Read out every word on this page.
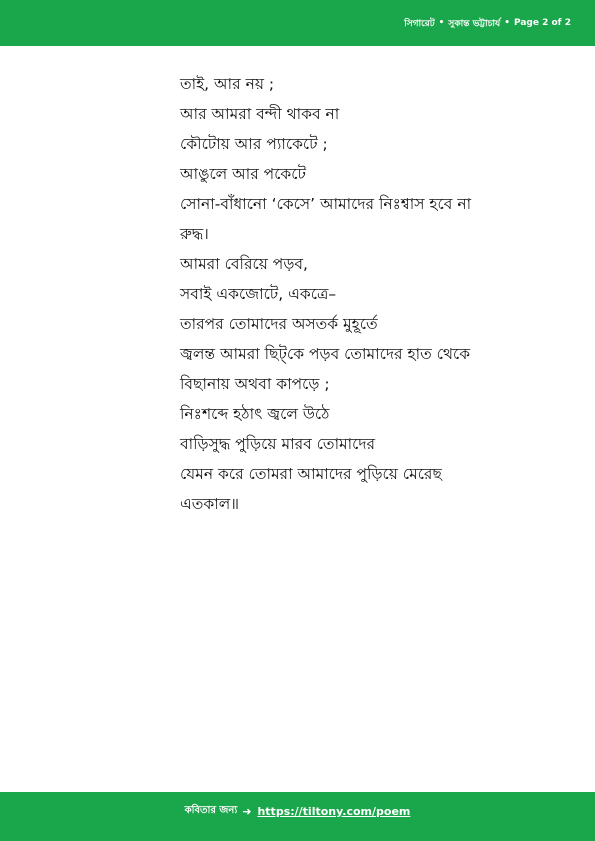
সিগারেট • সুকান্ত ভট্টাচার্য • Page 2 of 2
তাই, আর নয় ;
আর আমরা বন্দী থাকব না
কৌটোয় আর প্যাকেটে ;
আঙুলে আর পকেটে
সোনা-বাঁধানো ‘কেসে’ আমাদের নিঃশ্বাস হবে না
রুদ্ধ।
আমরা বেরিয়ে পড়ব,
সবাই একজোটে, একত্রে–
তারপর তোমাদের অসতর্ক মুহূর্তে
জ্বলন্ত আমরা ছিট্‌কে পড়ব তোমাদের হাত থেকে
বিছানায় অথবা কাপড়ে ;
নিঃশব্দে হঠাৎ জ্বলে উঠে
বাড়িসুদ্ধ পুড়িয়ে মারব তোমাদের
যেমন করে তোমরা আমাদের পুড়িয়ে মেরেছ
এতকাল॥
কবিতার জন্য ➜ https://tiltony.com/poem
